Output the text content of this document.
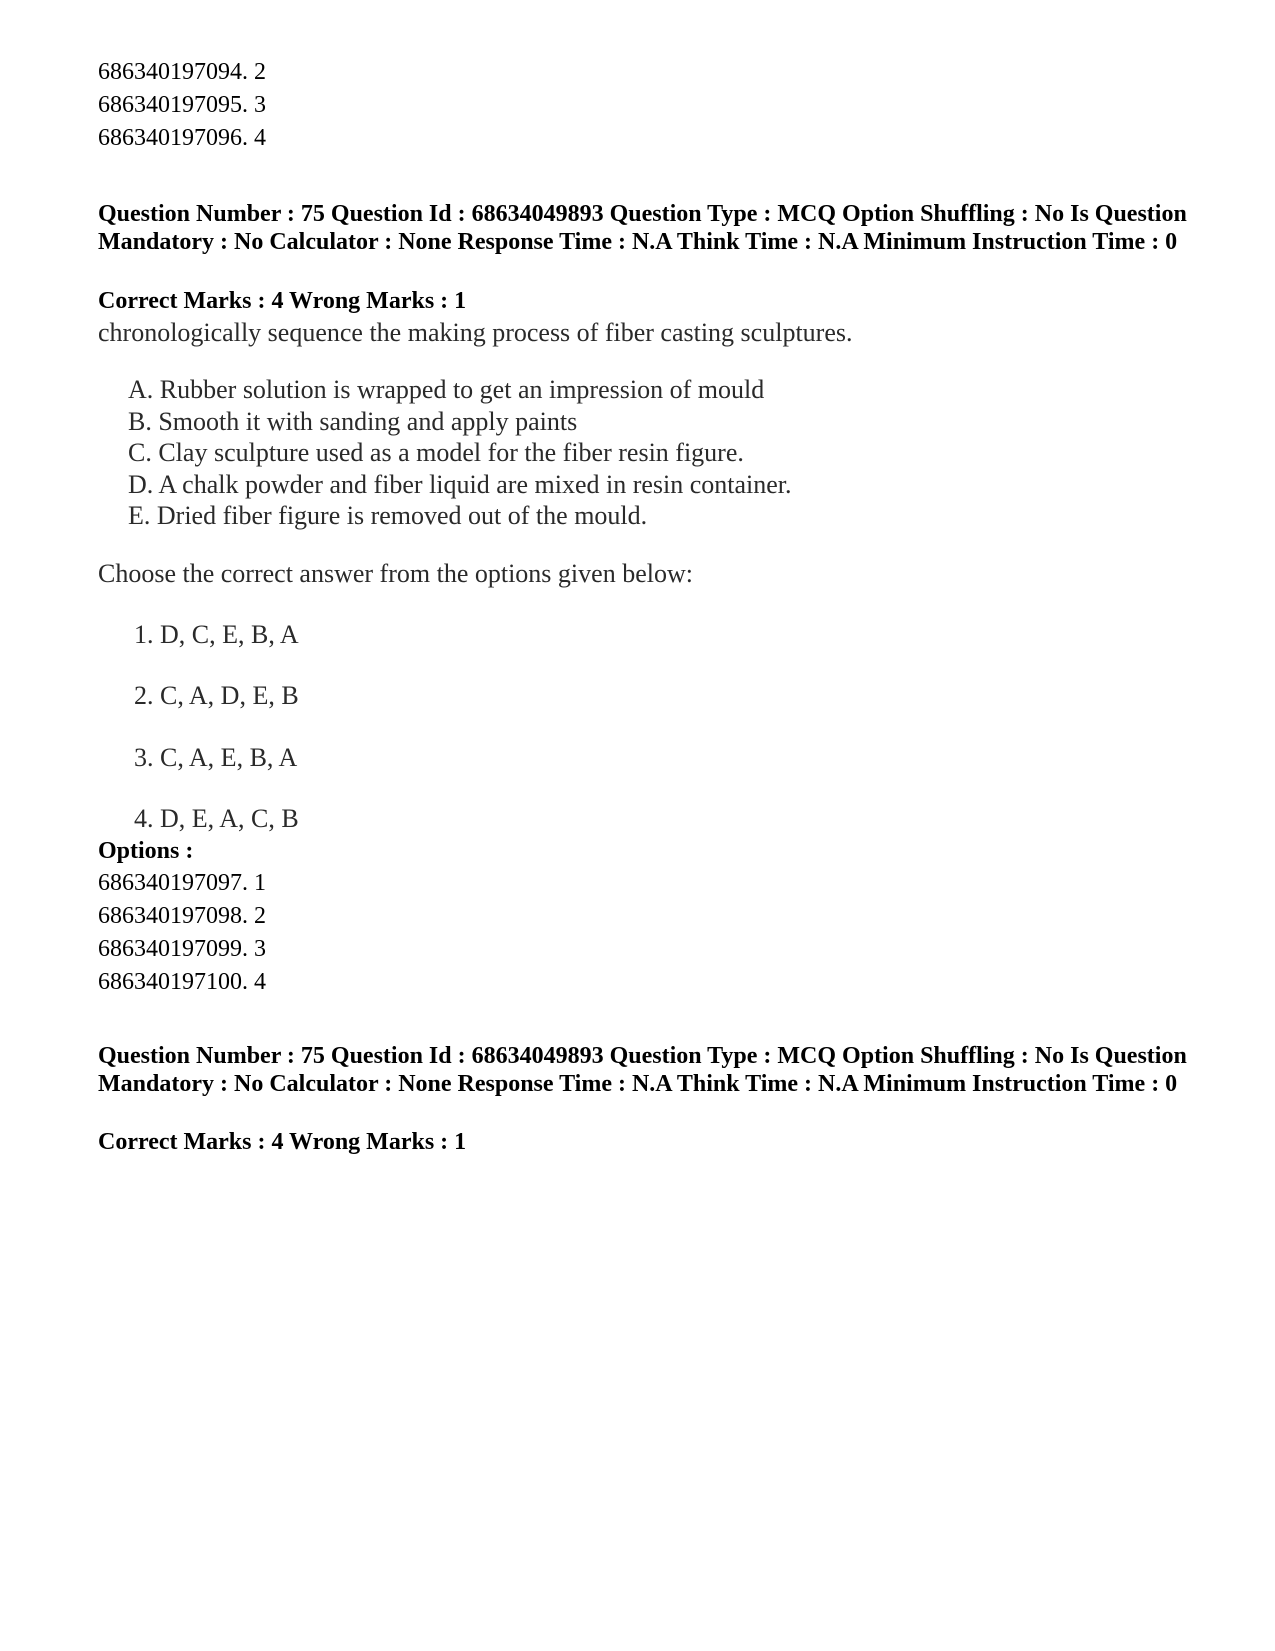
686340197094. 2
686340197095. 3
686340197096. 4
Question Number : 75 Question Id : 68634049893 Question Type : MCQ Option Shuffling : No Is Question Mandatory : No Calculator : None Response Time : N.A Think Time : N.A Minimum Instruction Time : 0
Correct Marks : 4 Wrong Marks : 1
chronologically sequence the making process of fiber casting sculptures.
A. Rubber solution is wrapped to get an impression of mould
B. Smooth it with sanding and apply paints
C. Clay sculpture used as a model for the fiber resin figure.
D. A chalk powder and fiber liquid are mixed in resin container.
E. Dried fiber figure is removed out of the mould.
Choose the correct answer from the options given below:
1. D, C, E, B, A
2. C, A, D, E, B
3. C, A, E, B, A
4. D, E, A, C, B
Options :
686340197097. 1
686340197098. 2
686340197099. 3
686340197100. 4
Question Number : 75 Question Id : 68634049893 Question Type : MCQ Option Shuffling : No Is Question Mandatory : No Calculator : None Response Time : N.A Think Time : N.A Minimum Instruction Time : 0
Correct Marks : 4 Wrong Marks : 1
